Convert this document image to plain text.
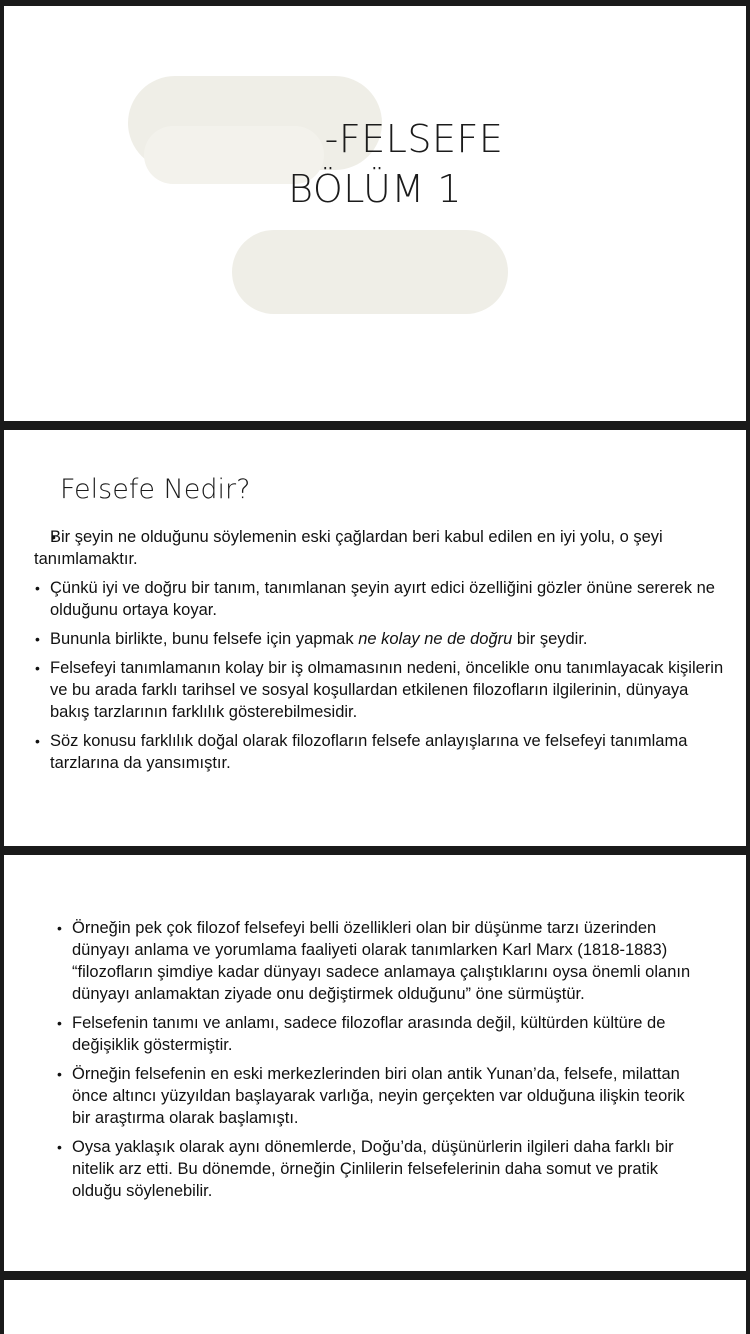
-FELSEFE
BÖLÜM 1
Felsefe Nedir?
• Bir şeyin ne olduğunu söylemenin eski çağlardan beri kabul edilen en iyi yolu, o şeyi tanımlamaktır.
• Çünkü iyi ve doğru bir tanım, tanımlanan şeyin ayırt edici özelliğini gözler önüne sererek ne olduğunu ortaya koyar.
• Bununla birlikte, bunu felsefe için yapmak ne kolay ne de doğru bir şeydir.
• Felsefeyi tanımlamanın kolay bir iş olmamasının nedeni, öncelikle onu tanımlayacak kişilerin ve bu arada farklı tarihsel ve sosyal koşullardan etkilenen filozofların ilgilerinin, dünyaya bakış tarzlarının farklılık gösterebilmesidir.
• Söz konusu farklılık doğal olarak filozofların felsefe anlayışlarına ve felsefeyi tanımlama tarzlarına da yansımıştır.
• Örneğin pek çok filozof felsefeyi belli özellikleri olan bir düşünme tarzı üzerinden dünyayı anlama ve yorumlama faaliyeti olarak tanımlarken Karl Marx (1818-1883) “filozofların şimdiye kadar dünyayı sadece anlamaya çalıştıklarını oysa önemli olanın dünyayı anlamaktan ziyade onu değiştirmek olduğunu” öne sürmüştür.
• Felsefenin tanımı ve anlamı, sadece filozoflar arasında değil, kültürden kültüre de değişiklik göstermiştir.
• Örneğin felsefenin en eski merkezlerinden biri olan antik Yunan’da, felsefe, milattan önce altıncı yüzyıldan başlayarak varlığa, neyin gerçekten var olduğuna ilişkin teorik bir araştırma olarak başlamıştı.
• Oysa yaklaşık olarak aynı dönemlerde, Doğu’da, düşünürlerin ilgileri daha farklı bir nitelik arz etti. Bu dönemde, örneğin Çinlilerin felsefelerinin daha somut ve pratik olduğu söylenebilir.
